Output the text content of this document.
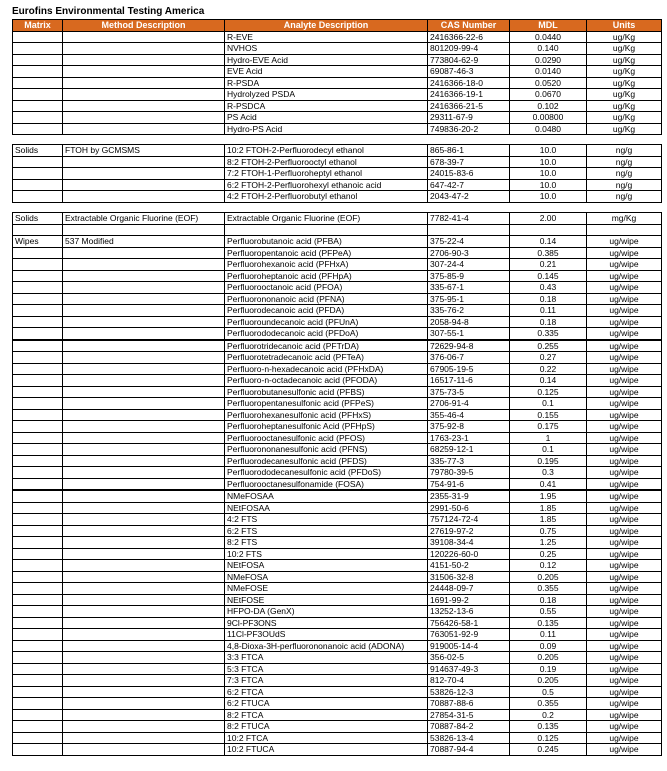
Eurofins Environmental Testing America
Matrix	Method Description	Analyte Description	CAS Number	MDL	Units
		R-EVE	2416366-22-6	0.0440	ug/Kg
		NVHOS	801209-99-4	0.140	ug/Kg
		Hydro-EVE Acid	773804-62-9	0.0290	ug/Kg
		EVE Acid	69087-46-3	0.0140	ug/Kg
		R-PSDA	2416366-18-0	0.0520	ug/Kg
		Hydrolyzed PSDA	2416366-19-1	0.0670	ug/Kg
		R-PSDCA	2416366-21-5	0.102	ug/Kg
		PS Acid	29311-67-9	0.00800	ug/Kg
		Hydro-PS Acid	749836-20-2	0.0480	ug/Kg
Solids	FTOH by GCMSMS	10:2 FTOH-2-Perfluorodecyl ethanol	865-86-1	10.0	ng/g
		8:2 FTOH-2-Perfluorooctyl ethanol	678-39-7	10.0	ng/g
		7:2 FTOH-1-Perfluoroheptyl ethanol	24015-83-6	10.0	ng/g
		6:2 FTOH-2-Perfluorohexyl ethanoic acid	647-42-7	10.0	ng/g
		4:2 FTOH-2-Perfluorobutyl ethanol	2043-47-2	10.0	ng/g
Solids	Extractable Organic Fluorine (EOF)	Extractable Organic Fluorine (EOF)	7782-41-4	2.00	mg/Kg

Wipes	537 Modified	Perfluorobutanoic acid (PFBA)	375-22-4	0.14	ug/wipe
		Perfluoropentanoic acid (PFPeA)	2706-90-3	0.385	ug/wipe
		Perfluorohexanoic acid (PFHxA)	307-24-4	0.21	ug/wipe
		Perfluoroheptanoic acid (PFHpA)	375-85-9	0.145	ug/wipe
		Perfluorooctanoic acid (PFOA)	335-67-1	0.43	ug/wipe
		Perfluorononanoic acid (PFNA)	375-95-1	0.18	ug/wipe
		Perfluorodecanoic acid (PFDA)	335-76-2	0.11	ug/wipe
		Perfluoroundecanoic acid (PFUnA)	2058-94-8	0.18	ug/wipe
		Perfluorododecanoic acid (PFDoA)	307-55-1	0.335	ug/wipe
		Perfluorotridecanoic acid (PFTrDA)	72629-94-8	0.255	ug/wipe
		Perfluorotetradecanoic acid (PFTeA)	376-06-7	0.27	ug/wipe
		Perfluoro-n-hexadecanoic acid (PFHxDA)	67905-19-5	0.22	ug/wipe
		Perfluoro-n-octadecanoic acid (PFODA)	16517-11-6	0.14	ug/wipe
		Perfluorobutanesulfonic acid (PFBS)	375-73-5	0.125	ug/wipe
		Perfluoropentanesulfonic acid (PFPeS)	2706-91-4	0.1	ug/wipe
		Perfluorohexanesulfonic acid (PFHxS)	355-46-4	0.155	ug/wipe
		Perfluoroheptanesulfonic Acid (PFHpS)	375-92-8	0.175	ug/wipe
		Perfluorooctanesulfonic acid (PFOS)	1763-23-1	1	ug/wipe
		Perfluorononanesulfonic acid (PFNS)	68259-12-1	0.1	ug/wipe
		Perfluorodecanesulfonic acid (PFDS)	335-77-3	0.195	ug/wipe
		Perfluorododecanesulfonic acid (PFDoS)	79780-39-5	0.3	ug/wipe
		Perfluorooctanesulfonamide (FOSA)	754-91-6	0.41	ug/wipe
		NMeFOSAA	2355-31-9	1.95	ug/wipe
		NEtFOSAA	2991-50-6	1.85	ug/wipe
		4:2 FTS	757124-72-4	1.85	ug/wipe
		6:2 FTS	27619-97-2	0.75	ug/wipe
		8:2 FTS	39108-34-4	1.25	ug/wipe
		10:2 FTS	120226-60-0	0.25	ug/wipe
		NEtFOSA	4151-50-2	0.12	ug/wipe
		NMeFOSA	31506-32-8	0.205	ug/wipe
		NMeFOSE	24448-09-7	0.355	ug/wipe
		NEtFOSE	1691-99-2	0.18	ug/wipe
		HFPO-DA (GenX)	13252-13-6	0.55	ug/wipe
		9Cl-PF3ONS	756426-58-1	0.135	ug/wipe
		11Cl-PF3OUdS	763051-92-9	0.11	ug/wipe
		4,8-Dioxa-3H-perfluorononanoic acid (ADONA)	919005-14-4	0.09	ug/wipe
		3:3 FTCA	356-02-5	0.205	ug/wipe
		5:3 FTCA	914637-49-3	0.19	ug/wipe
		7:3 FTCA	812-70-4	0.205	ug/wipe
		6:2 FTCA	53826-12-3	0.5	ug/wipe
		6:2 FTUCA	70887-88-6	0.355	ug/wipe
		8:2 FTCA	27854-31-5	0.2	ug/wipe
		8:2 FTUCA	70887-84-2	0.135	ug/wipe
		10:2 FTCA	53826-13-4	0.125	ug/wipe
		10:2 FTUCA	70887-94-4	0.245	ug/wipe
